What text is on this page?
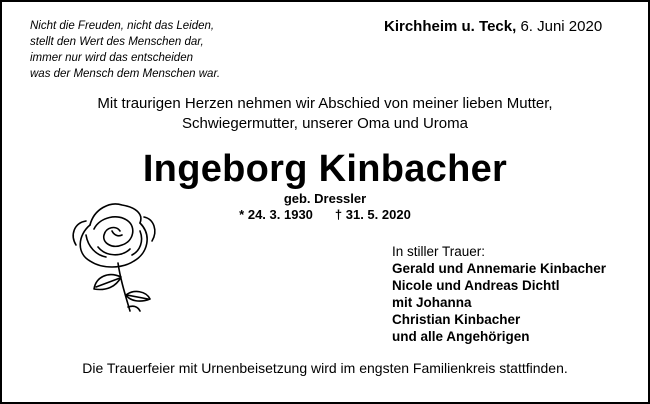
Nicht die Freuden, nicht das Leiden,
stellt den Wert des Menschen dar,
immer nur wird das entscheiden
was der Mensch dem Menschen war.
Kirchheim u. Teck, 6. Juni 2020
Mit traurigen Herzen nehmen wir Abschied von meiner lieben Mutter,
Schwiegermutter, unserer Oma und Uroma
Ingeborg Kinbacher
geb. Dressler
* 24. 3. 1930 † 31. 5. 2020
In stiller Trauer:
Gerald und Annemarie Kinbacher
Nicole und Andreas Dichtl
mit Johanna
Christian Kinbacher
und alle Angehörigen
Die Trauerfeier mit Urnenbeisetzung wird im engsten Familienkreis stattfinden.
